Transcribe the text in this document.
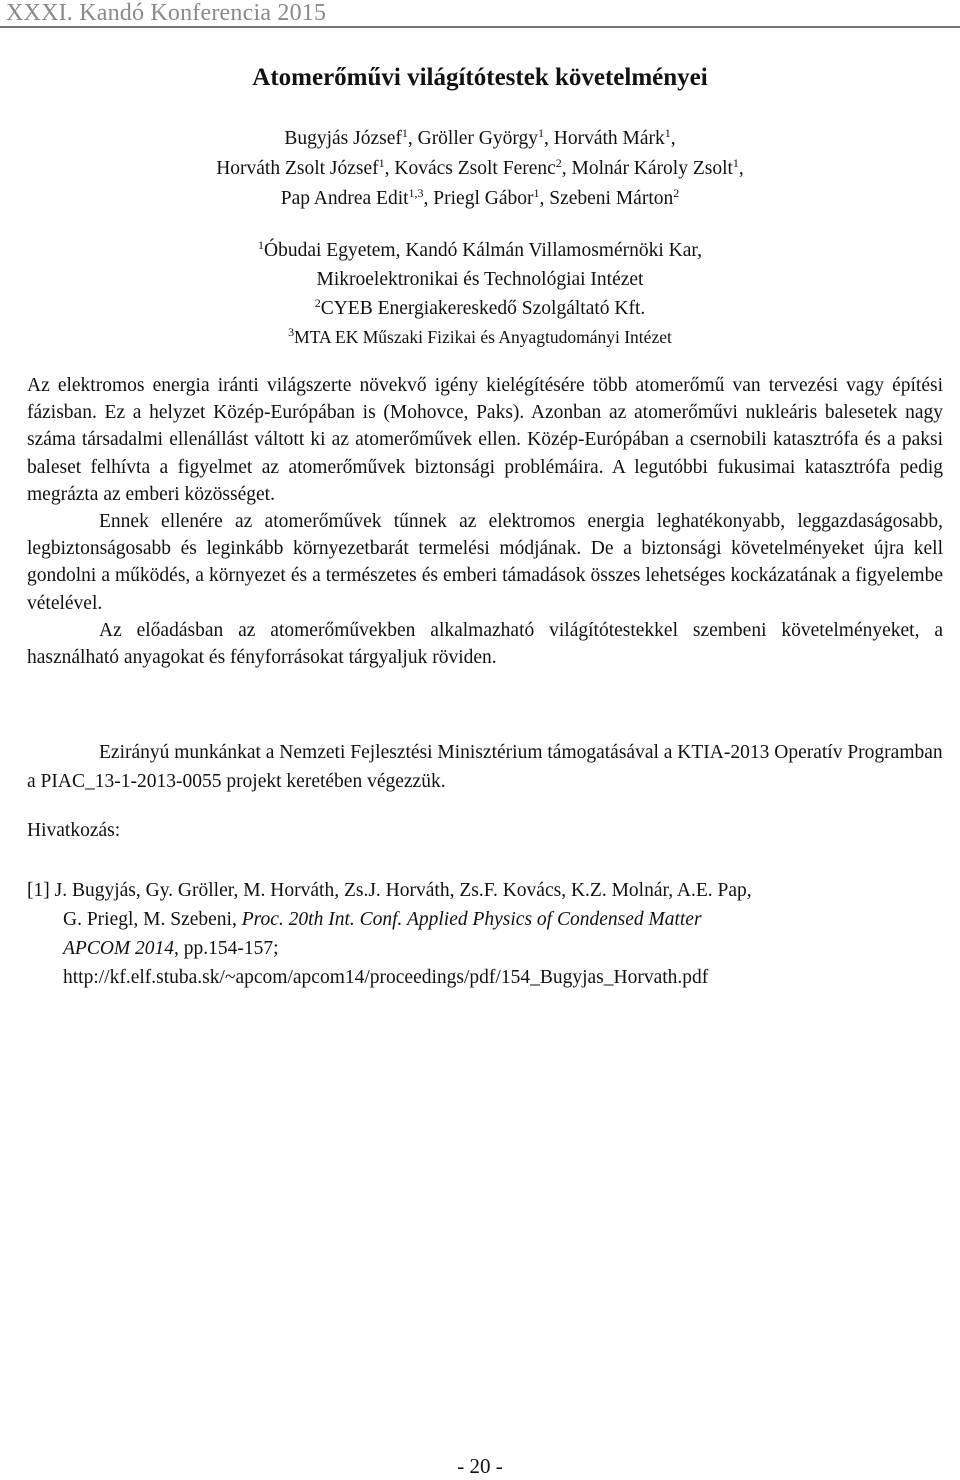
XXXI. Kandó Konferencia 2015
Atomerőművi világítótestek követelményei
Bugyjás József$^1$, Gröller György$^1$, Horváth Márk$^1$,
Horváth Zsolt József$^1$, Kovács Zsolt Ferenc$^2$, Molnár Károly Zsolt$^1$,
Pap Andrea Edit$^{1,3}$, Priegl Gábor$^1$, Szebeni Márton$^2$
$^1$Óbudai Egyetem, Kandó Kálmán Villamosmérnöki Kar,
Mikroelektronikai és Technológiai Intézet
$^2$CYEB Energiakereskedő Szolgáltató Kft.
$^3$MTA EK Műszaki Fizikai és Anyagtudományi Intézet

Az elektromos energia iránti világszerte növekvő igény kielégítésére több atomerőmű van tervezési vagy építési fázisban. Ez a helyzet Közép-Európában is (Mohovce, Paks). Azonban az atomerőművi nukleáris balesetek nagy száma társadalmi ellenállást váltott ki az atomerőművek ellen. Közép-Európában a csernobili katasztrófa és a paksi baleset felhívta a figyelmet az atomerőművek biztonsági problémáira. A legutóbbi fukusimai katasztrófa pedig megrázta az emberi közösséget.

Ennek ellenére az atomerőművek tűnnek az elektromos energia leghatékonyabb, leggazdaságosabb, legbiztonságosabb és leginkább környezetbarát termelési módjának. De a biztonsági követelményeket újra kell gondolni a működés, a környezet és a természetes és emberi támadások összes lehetséges kockázatának a figyelembe vételével.

Az előadásban az atomerőművekben alkalmazható világítótestekkel szembeni követelményeket, a használható anyagokat és fényforrásokat tárgyaljuk röviden.

Ezirányú munkánkat a Nemzeti Fejlesztési Minisztérium támogatásával a KTIA-2013 Operatív Programban a PIAC_13-1-2013-0055 projekt keretében végezzük.

Hivatkozás:
[1] J. Bugyjás, Gy. Gröller, M. Horváth, Zs.J. Horváth, Zs.F. Kovács, K.Z. Molnár, A.E. Pap,
G. Priegl, M. Szebeni, Proc. 20th Int. Conf. Applied Physics of Condensed Matter
APCOM 2014, pp.154-157;
http://kf.elf.stuba.sk/~apcom/apcom14/proceedings/pdf/154_Bugyjas_Horvath.pdf
- 20 -
